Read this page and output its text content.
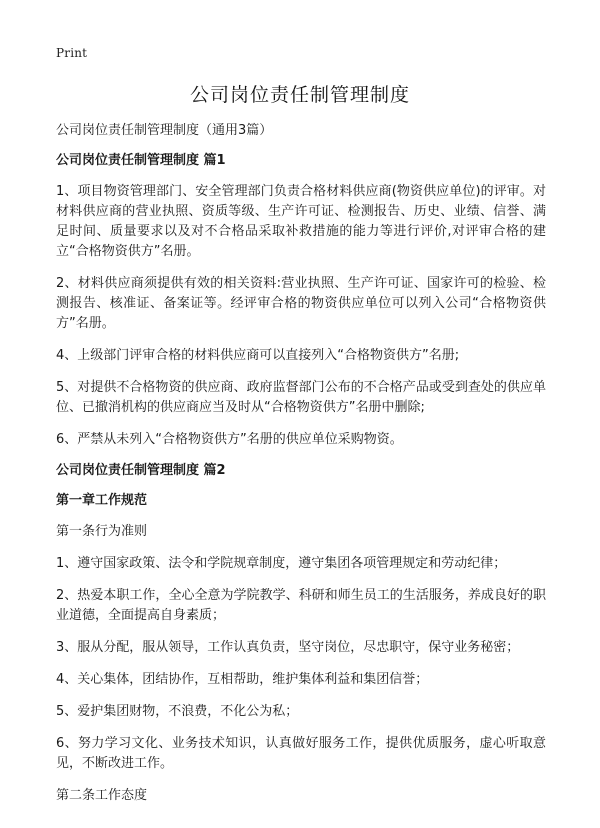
Print
公司岗位责任制管理制度
公司岗位责任制管理制度（通用3篇）
公司岗位责任制管理制度 篇1
1、项目物资管理部门、安全管理部门负责合格材料供应商(物资供应单位)的评审。对材料供应商的营业执照、资质等级、生产许可证、检测报告、历史、业绩、信誉、满足时间、质量要求以及对不合格品采取补救措施的能力等进行评价,对评审合格的建立“合格物资供方”名册。
2、材料供应商须提供有效的相关资料:营业执照、生产许可证、国家许可的检验、检测报告、核准证、备案证等。经评审合格的物资供应单位可以列入公司“合格物资供方”名册。
4、上级部门评审合格的材料供应商可以直接列入“合格物资供方”名册;
5、对提供不合格物资的供应商、政府监督部门公布的不合格产品或受到查处的供应单位、已撤消机构的供应商应当及时从“合格物资供方”名册中删除;
6、严禁从未列入“合格物资供方”名册的供应单位采购物资。
公司岗位责任制管理制度 篇2
第一章工作规范
第一条行为准则
1、遵守国家政策、法令和学院规章制度，遵守集团各项管理规定和劳动纪律；
2、热爱本职工作，全心全意为学院教学、科研和师生员工的生活服务，养成良好的职业道德，全面提高自身素质；
3、服从分配，服从领导，工作认真负责，坚守岗位，尽忠职守，保守业务秘密；
4、关心集体，团结协作，互相帮助，维护集体利益和集团信誉；
5、爱护集团财物，不浪费，不化公为私；
6、努力学习文化、业务技术知识，认真做好服务工作，提供优质服务，虚心听取意见，不断改进工作。
第二条工作态度
